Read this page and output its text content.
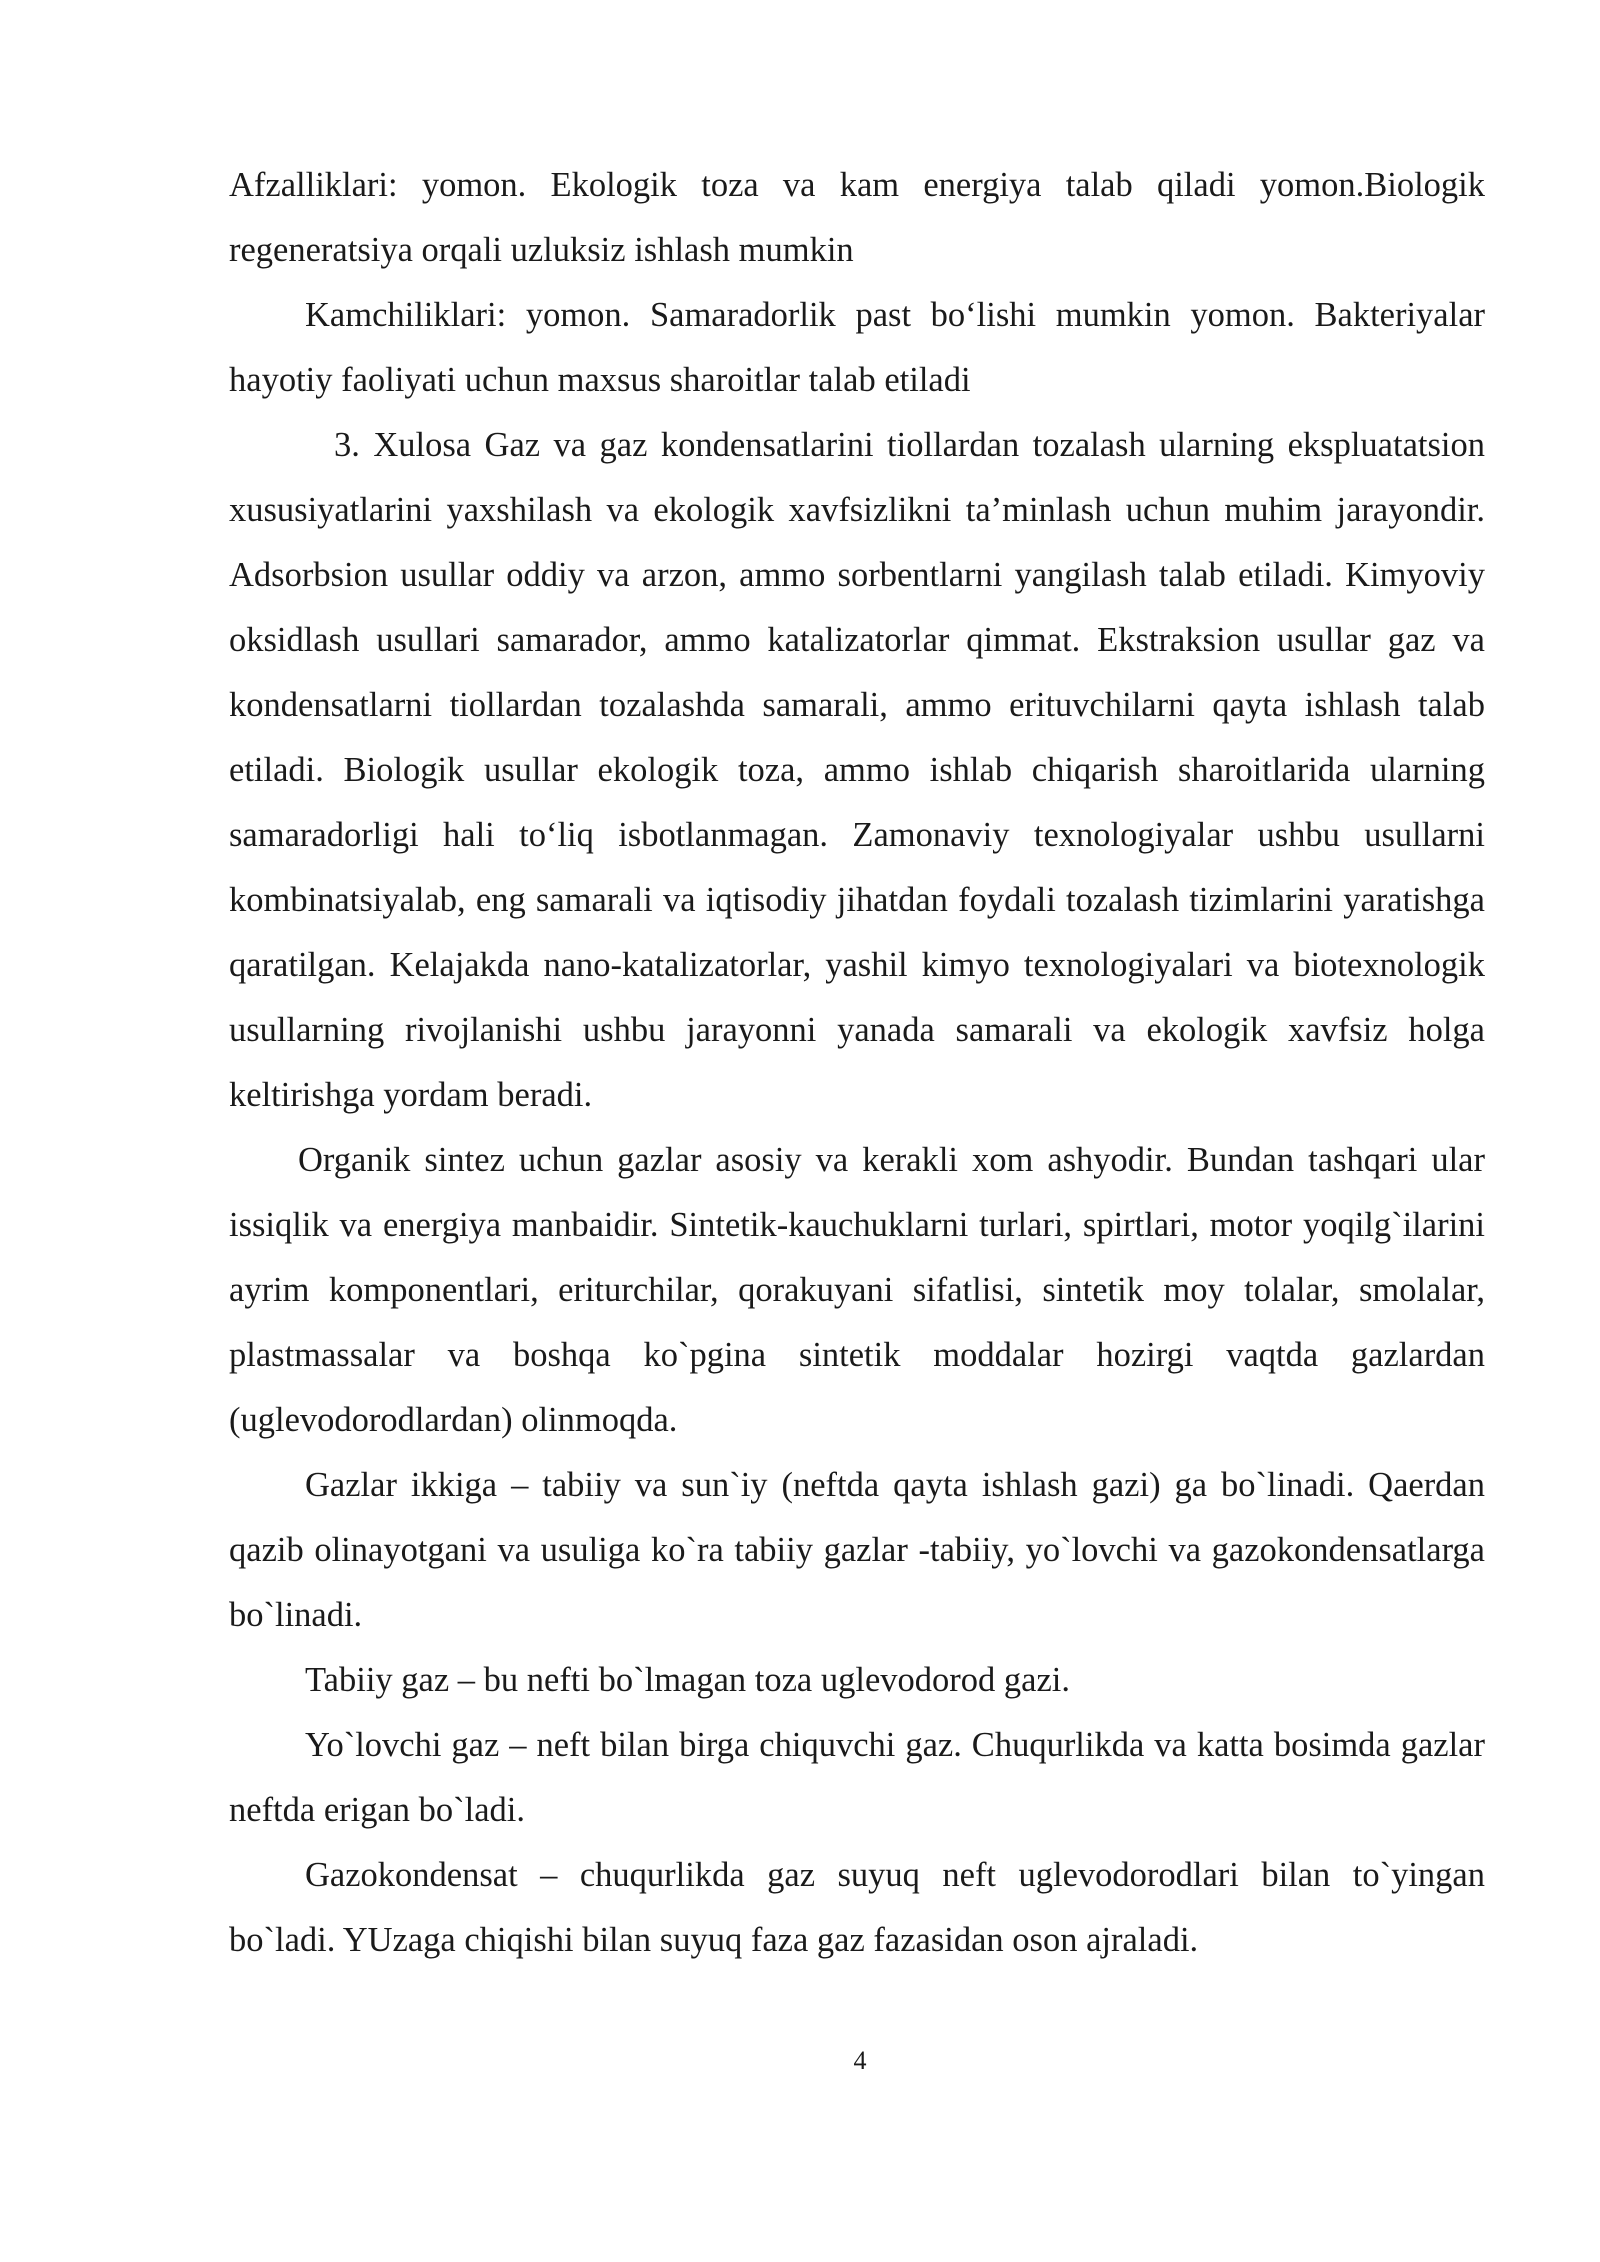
Afzalliklari: yomon. Ekologik toza va kam energiya talab qiladi yomon.Biologik regeneratsiya orqali uzluksiz ishlash mumkin

Kamchiliklari: yomon. Samaradorlik past bo‘lishi mumkin yomon. Bakteriyalar hayotiy faoliyati uchun maxsus sharoitlar talab etiladi

3. Xulosa Gaz va gaz kondensatlarini tiollardan tozalash ularning ekspluatatsion xususiyatlarini yaxshilash va ekologik xavfsizlikni ta’minlash uchun muhim jarayondir. Adsorbsion usullar oddiy va arzon, ammo sorbentlarni yangilash talab etiladi. Kimyoviy oksidlash usullari samarador, ammo katalizatorlar qimmat. Ekstraksion usullar gaz va kondensatlarni tiollardan tozalashda samarali, ammo erituvchilarni qayta ishlash talab etiladi. Biologik usullar ekologik toza, ammo ishlab chiqarish sharoitlarida ularning samaradorligi hali to‘liq isbotlanmagan. Zamonaviy texnologiyalar ushbu usullarni kombinatsiyalab, eng samarali va iqtisodiy jihatdan foydali tozalash tizimlarini yaratishga qaratilgan. Kelajakda nano-katalizatorlar, yashil kimyo texnologiyalari va biotexnologik usullarning rivojlanishi ushbu jarayonni yanada samarali va ekologik xavfsiz holga keltirishga yordam beradi.

Organik sintez uchun gazlar asosiy va kerakli xom ashyodir. Bundan tashqari ular issiqlik va energiya manbaidir. Sintetik-kauchuklarni turlari, spirtlari, motor yoqilg`ilarini ayrim komponentlari, eriturchilar, qorakuyani sifatlisi, sintetik moy tolalar, smolalar, plastmassalar va boshqa ko`pgina sintetik moddalar hozirgi vaqtda gazlardan (uglevodorodlardan) olinmoqda.

Gazlar ikkiga – tabiiy va sun`iy (neftda qayta ishlash gazi) ga bo`linadi. Qaerdan qazib olinayotgani va usuliga ko`ra tabiiy gazlar -tabiiy, yo`lovchi va gazokondensatlarga bo`linadi.

Tabiiy gaz – bu nefti bo`lmagan toza uglevodorod gazi.

Yo`lovchi gaz – neft bilan birga chiquvchi gaz. Chuqurlikda va katta bosimda gazlar neftda erigan bo`ladi.

Gazokondensat – chuqurlikda gaz suyuq neft uglevodorodlari bilan to`yingan bo`ladi. YUzaga chiqishi bilan suyuq faza gaz fazasidan oson ajraladi.

4
